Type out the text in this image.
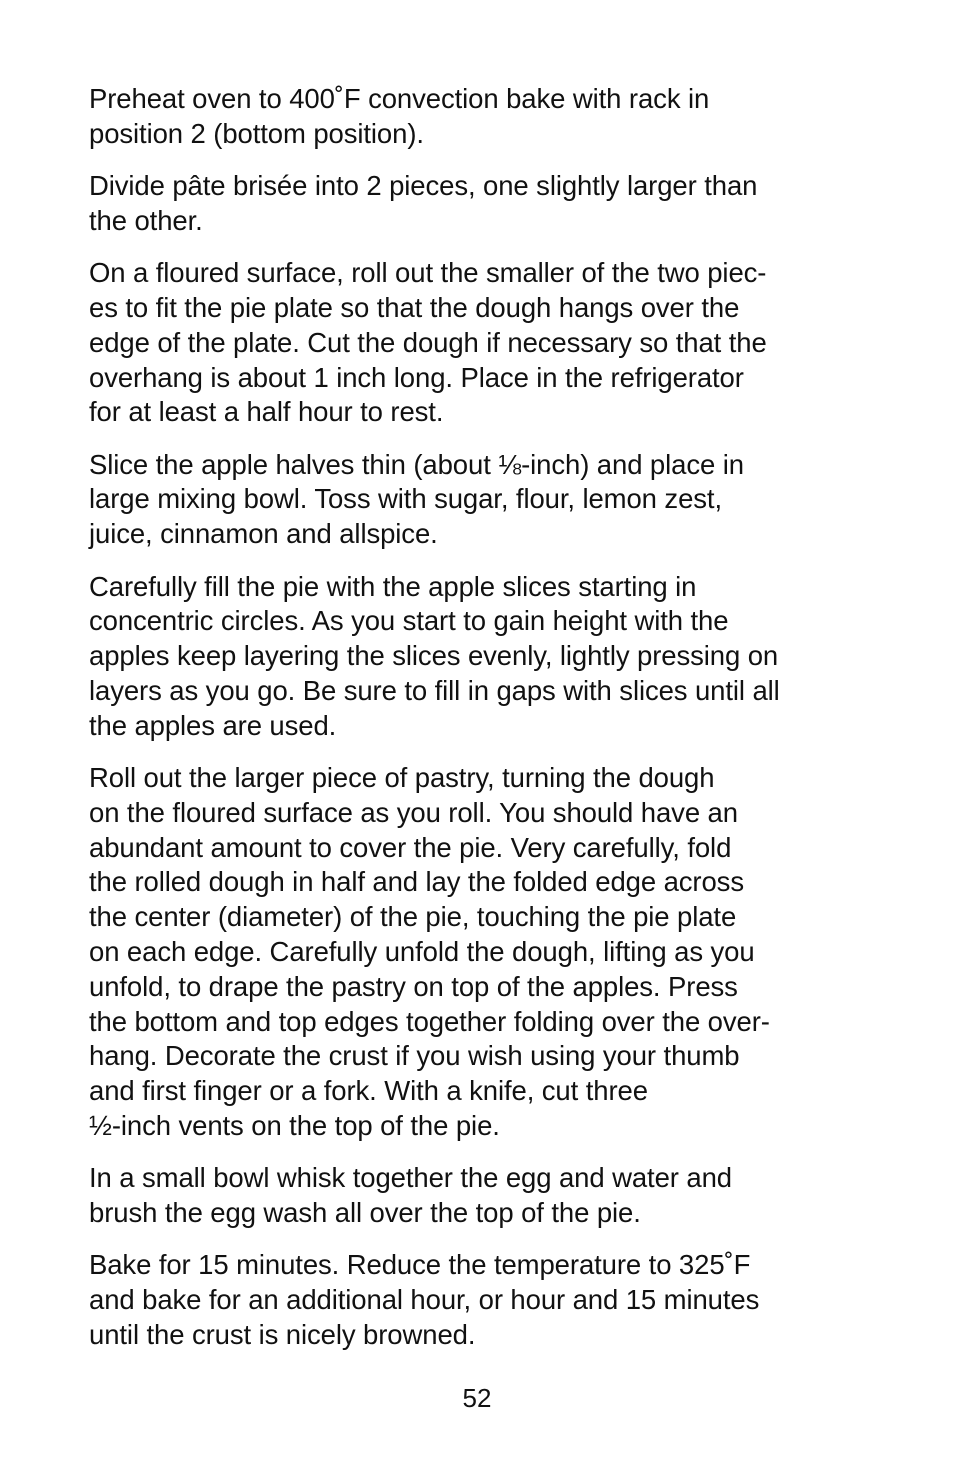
Preheat oven to 400˚F convection bake with rack in
position 2 (bottom position).

Divide pâte brisée into 2 pieces, one slightly larger than
the other.

On a floured surface, roll out the smaller of the two piec-
es to fit the pie plate so that the dough hangs over the
edge of the plate. Cut the dough if necessary so that the
overhang is about 1 inch long. Place in the refrigerator
for at least a half hour to rest.

Slice the apple halves thin (about ⅛-inch) and place in
large mixing bowl. Toss with sugar, flour, lemon zest,
juice, cinnamon and allspice.

Carefully fill the pie with the apple slices starting in
concentric circles. As you start to gain height with the
apples keep layering the slices evenly, lightly pressing on
layers as you go. Be sure to fill in gaps with slices until all
the apples are used.

Roll out the larger piece of pastry, turning the dough
on the floured surface as you roll. You should have an
abundant amount to cover the pie. Very carefully, fold
the rolled dough in half and lay the folded edge across
the center (diameter) of the pie, touching the pie plate
on each edge. Carefully unfold the dough, lifting as you
unfold, to drape the pastry on top of the apples. Press
the bottom and top edges together folding over the over-
hang. Decorate the crust if you wish using your thumb
and first finger or a fork. With a knife, cut three
½-inch vents on the top of the pie.

In a small bowl whisk together the egg and water and
brush the egg wash all over the top of the pie.

Bake for 15 minutes. Reduce the temperature to 325˚F
and bake for an additional hour, or hour and 15 minutes
until the crust is nicely browned.

52
